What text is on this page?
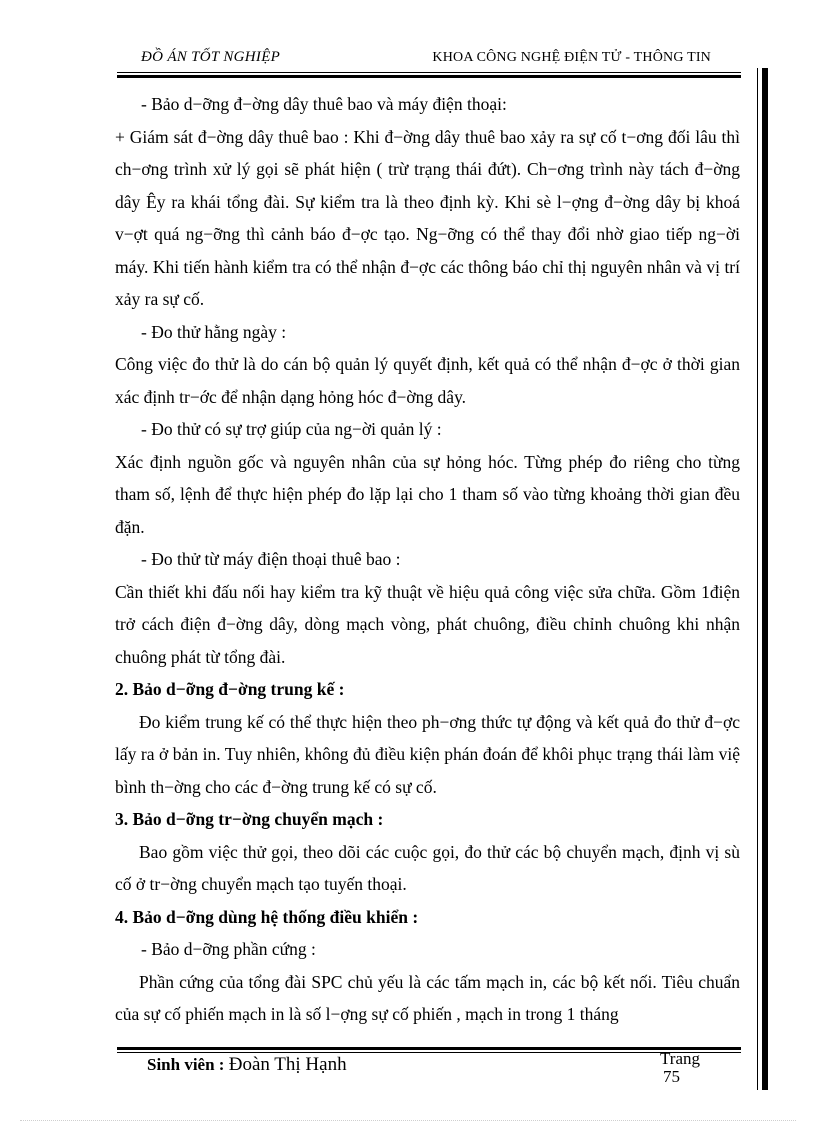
ĐỒ ÁN TỐT NGHIỆP	KHOA CÔNG NGHỆ ĐIỆN TỬ - THÔNG TIN

- Bảo d−ỡng đ−ờng dây thuê bao và máy điện thoại:

+ Giám sát đ−ờng dây thuê bao : Khi đ−ờng dây thuê bao xảy ra sự cố t−ơng đối lâu thì ch−ơng trình xử lý gọi sẽ phát hiện ( trừ trạng thái đứt). Ch−ơng trình này tách đ−ờng dây Êy ra khái tổng đài. Sự kiểm tra là theo định kỳ. Khi sè l−ợng đ−ờng dây bị khoá v−ợt quá ng−ỡng thì cảnh báo đ−ợc tạo. Ng−ỡng có thể thay đổi nhờ giao tiếp ng−ời máy. Khi tiến hành kiểm tra có thể nhận đ−ợc các thông báo chỉ thị nguyên nhân và vị trí xảy ra sự cố.

- Đo thử hằng ngày :

Công việc đo thử là do cán bộ quản lý quyết định, kết quả có thể nhận đ−ợc ở thời gian xác định tr−ớc để nhận dạng hỏng hóc đ−ờng dây.

- Đo thử có sự trợ giúp của ng−ời quản lý :

Xác định nguồn gốc và nguyên nhân của sự hỏng hóc. Từng phép đo riêng cho từng tham số, lệnh để thực hiện phép đo lặp lại cho 1 tham số vào từng khoảng thời gian đều đặn.

- Đo thử từ máy điện thoại thuê bao :

Cần thiết khi đấu nối hay kiểm tra kỹ thuật về hiệu quả công việc sửa chữa. Gồm 1điện trở cách điện đ−ờng dây, dòng mạch vòng, phát chuông, điều chỉnh chuông khi nhận chuông phát từ tổng đài.

2. Bảo d−ỡng đ−ờng trung kế :

Đo kiểm trung kế có thể thực hiện theo ph−ơng thức tự động và kết quả đo thử đ−ợc lấy ra ở bản in. Tuy nhiên, không đủ điều kiện phán đoán để khôi phục trạng thái làm việ bình th−ờng cho các đ−ờng trung kế có sự cố.

3. Bảo d−ỡng tr−ờng chuyển mạch :

Bao gồm việc thử gọi, theo dõi các cuộc gọi, đo thử các bộ chuyển mạch, định vị sù cố ở tr−ờng chuyển mạch tạo tuyến thoại.

4. Bảo d−ỡng dùng hệ thống điều khiển :

- Bảo d−ỡng phần cứng :

Phần cứng của tổng đài SPC chủ yếu là các tấm mạch in, các bộ kết nối. Tiêu chuẩn của sự cố phiến mạch in là số l−ợng sự cố phiến , mạch in trong 1 tháng

Sinh viên : Đoàn Thị Hạnh	Trang
75
